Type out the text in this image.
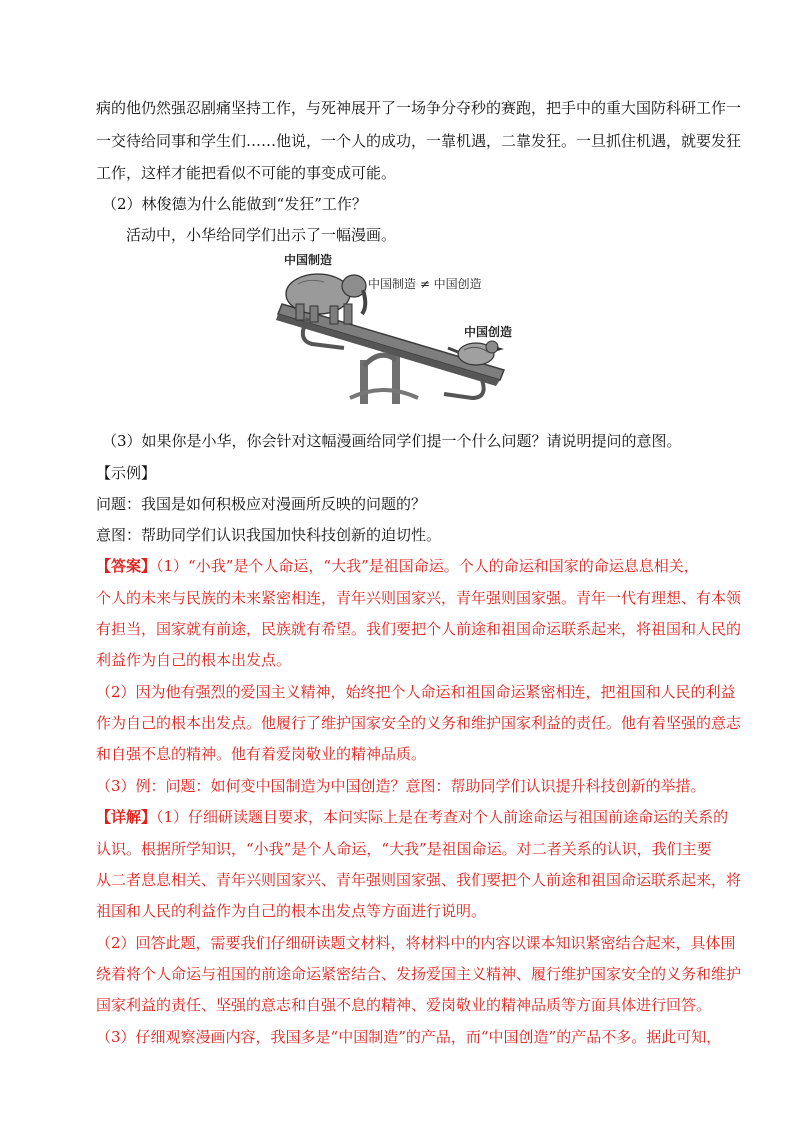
病的他仍然强忍剧痛坚持工作，与死神展开了一场争分夺秒的赛跑，把手中的重大国防科研工作一
一交待给同事和学生们……他说，一个人的成功，一靠机遇，二靠发狂。一旦抓住机遇，就要发狂
工作，这样才能把看似不可能的事变成可能。
（2）林俊德为什么能做到“发狂”工作？
活动中，小华给同学们出示了一幅漫画。
中国制造
中国制造 ≠ 中国创造
中国创造
（3）如果你是小华，你会针对这幅漫画给同学们提一个什么问题？请说明提问的意图。
【示例】
问题：我国是如何积极应对漫画所反映的问题的？
意图：帮助同学们认识我国加快科技创新的迫切性。
【答案】（1）“小我”是个人命运，“大我”是祖国命运。个人的命运和国家的命运息息相关，
个人的未来与民族的未来紧密相连，青年兴则国家兴，青年强则国家强。青年一代有理想、有本领
有担当，国家就有前途，民族就有希望。我们要把个人前途和祖国命运联系起来，将祖国和人民的
利益作为自己的根本出发点。
（2）因为他有强烈的爱国主义精神，始终把个人命运和祖国命运紧密相连，把祖国和人民的利益
作为自己的根本出发点。他履行了维护国家安全的义务和维护国家利益的责任。他有着坚强的意志
和自强不息的精神。他有着爱岗敬业的精神品质。
（3）例：问题：如何变中国制造为中国创造？意图：帮助同学们认识提升科技创新的举措。
【详解】（1）仔细研读题目要求，本问实际上是在考查对个人前途命运与祖国前途命运的关系的
认识。根据所学知识，“小我”是个人命运，“大我”是祖国命运。对二者关系的认识，我们主要
从二者息息相关、青年兴则国家兴、青年强则国家强、我们要把个人前途和祖国命运联系起来，将
祖国和人民的利益作为自己的根本出发点等方面进行说明。
（2）回答此题，需要我们仔细研读题文材料，将材料中的内容以课本知识紧密结合起来，具体围
绕着将个人命运与祖国的前途命运紧密结合、发扬爱国主义精神、履行维护国家安全的义务和维护
国家利益的责任、坚强的意志和自强不息的精神、爱岗敬业的精神品质等方面具体进行回答。
（3）仔细观察漫画内容，我国多是“中国制造”的产品，而“中国创造”的产品不多。据此可知，
